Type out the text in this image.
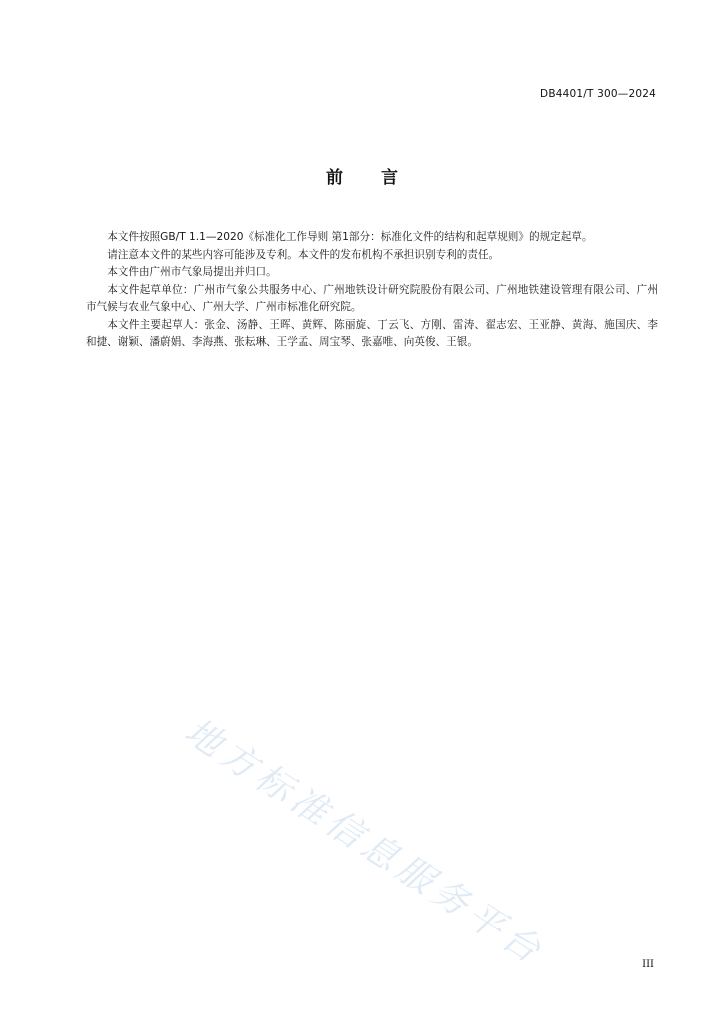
DB4401/T 300—2024
前 言

本文件按照GB/T 1.1—2020《标准化工作导则 第1部分：标准化文件的结构和起草规则》的规定起草。

请注意本文件的某些内容可能涉及专利。本文件的发布机构不承担识别专利的责任。

本文件由广州市气象局提出并归口。

本文件起草单位：广州市气象公共服务中心、广州地铁设计研究院股份有限公司、广州地铁建设管理有限公司、广州市气候与农业气象中心、广州大学、广州市标准化研究院。

本文件主要起草人：张金、汤静、王晖、黄辉、陈丽旋、丁云飞、方刚、雷涛、翟志宏、王亚静、黄海、施国庆、李和捷、谢颖、潘蔚娟、李海燕、张耘琳、王学孟、周宝琴、张嘉唯、向英俊、王银。

地方标准信息服务平台	III
